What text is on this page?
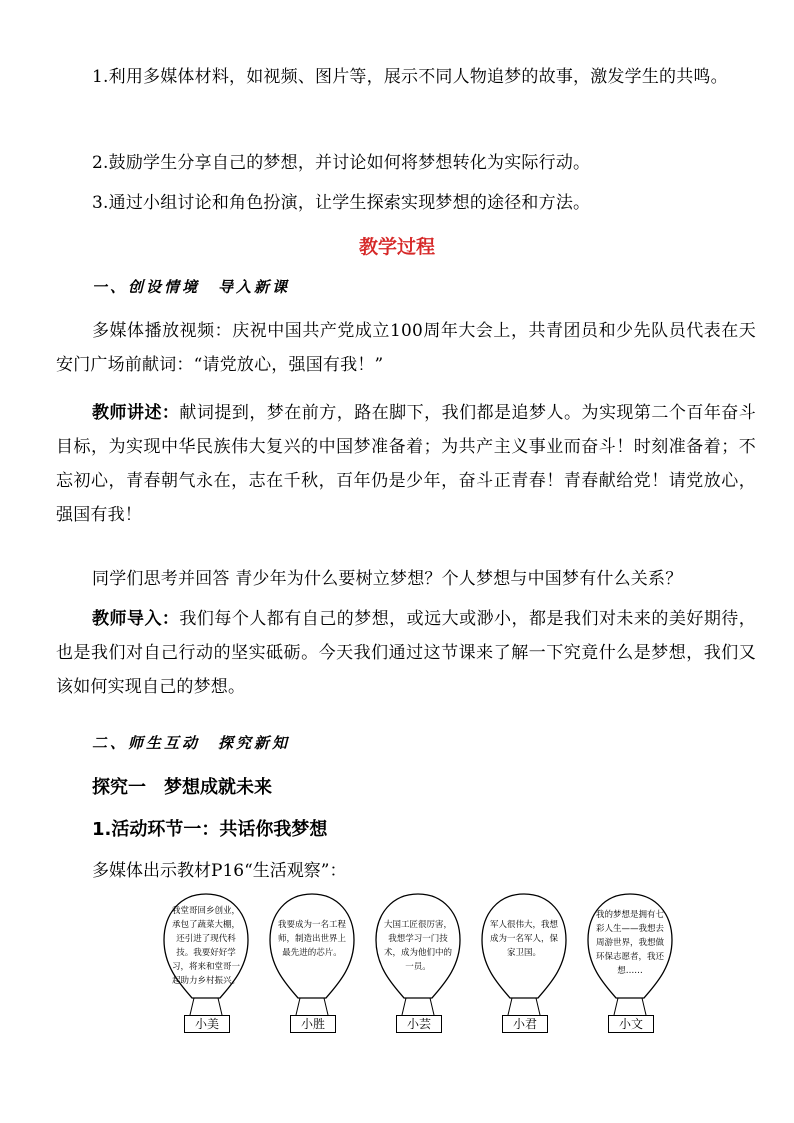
1.利用多媒体材料，如视频、图片等，展示不同人物追梦的故事，激发学生的共鸣。

2.鼓励学生分享自己的梦想，并讨论如何将梦想转化为实际行动。

3.通过小组讨论和角色扮演，让学生探索实现梦想的途径和方法。

教学过程
一、创设情境　导入新课

多媒体播放视频：庆祝中国共产党成立100周年大会上，共青团员和少先队员代表在天安门广场前献词：“请党放心，强国有我！”

教师讲述：献词提到，梦在前方，路在脚下，我们都是追梦人。为实现第二个百年奋斗目标，为实现中华民族伟大复兴的中国梦准备着；为共产主义事业而奋斗！时刻准备着；不忘初心，青春朝气永在，志在千秋，百年仍是少年，奋斗正青春！青春献给党！请党放心，强国有我！

同学们思考并回答 青少年为什么要树立梦想？个人梦想与中国梦有什么关系？

教师导入：我们每个人都有自己的梦想，或远大或渺小，都是我们对未来的美好期待，也是我们对自己行动的坚实砥砺。今天我们通过这节课来了解一下究竟什么是梦想，我们又该如何实现自己的梦想。

二、师生互动　探究新知
探究一　梦想成就未来
1.活动环节一：共话你我梦想
多媒体出示教材P16“生活观察”：

我堂哥回乡创业，承包了蔬菜大棚，还引进了现代科技。我要好好学习，将来和堂哥一起助力乡村振兴。

小美

我要成为一名工程师，制造出世界上最先进的芯片。

小胜

大国工匠很厉害，我想学习一门技术，成为他们中的一员。

小芸

军人很伟大，我想成为一名军人，保家卫国。

小君

我的梦想是拥有七彩人生——我想去周游世界，我想做环保志愿者，我还想……

小文
